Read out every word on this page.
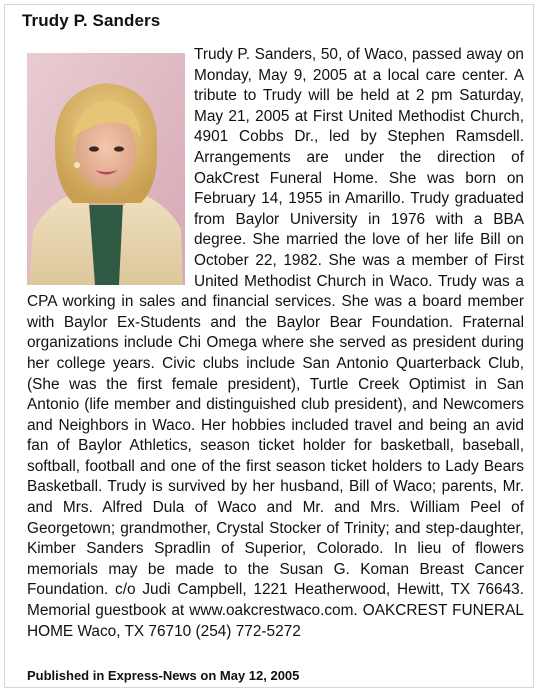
Trudy P. Sanders
Trudy P. Sanders, 50, of Waco, passed away on Monday, May 9, 2005 at a local care center. A tribute to Trudy will be held at 2 pm Saturday, May 21, 2005 at First United Methodist Church, 4901 Cobbs Dr., led by Stephen Ramsdell. Arrangements are under the direction of OakCrest Funeral Home. She was born on February 14, 1955 in Amarillo. Trudy graduated from Baylor University in 1976 with a BBA degree. She married the love of her life Bill on October 22, 1982. She was a member of First United Methodist Church in Waco. Trudy was a CPA working in sales and financial services. She was a board member with Baylor Ex-Students and the Baylor Bear Foundation. Fraternal organizations include Chi Omega where she served as president during her college years. Civic clubs include San Antonio Quarterback Club, (She was the first female president), Turtle Creek Optimist in San Antonio (life member and distinguished club president), and Newcomers and Neighbors in Waco. Her hobbies included travel and being an avid fan of Baylor Athletics, season ticket holder for basketball, baseball, softball, football and one of the first season ticket holders to Lady Bears Basketball. Trudy is survived by her husband, Bill of Waco; parents, Mr. and Mrs. Alfred Dula of Waco and Mr. and Mrs. William Peel of Georgetown; grandmother, Crystal Stocker of Trinity; and step-daughter, Kimber Sanders Spradlin of Superior, Colorado. In lieu of flowers memorials may be made to the Susan G. Koman Breast Cancer Foundation. c/o Judi Campbell, 1221 Heatherwood, Hewitt, TX 76643. Memorial guestbook at www.oakcrestwaco.com. OAKCREST FUNERAL HOME Waco, TX 76710 (254) 772-5272

Published in Express-News on May 12, 2005
